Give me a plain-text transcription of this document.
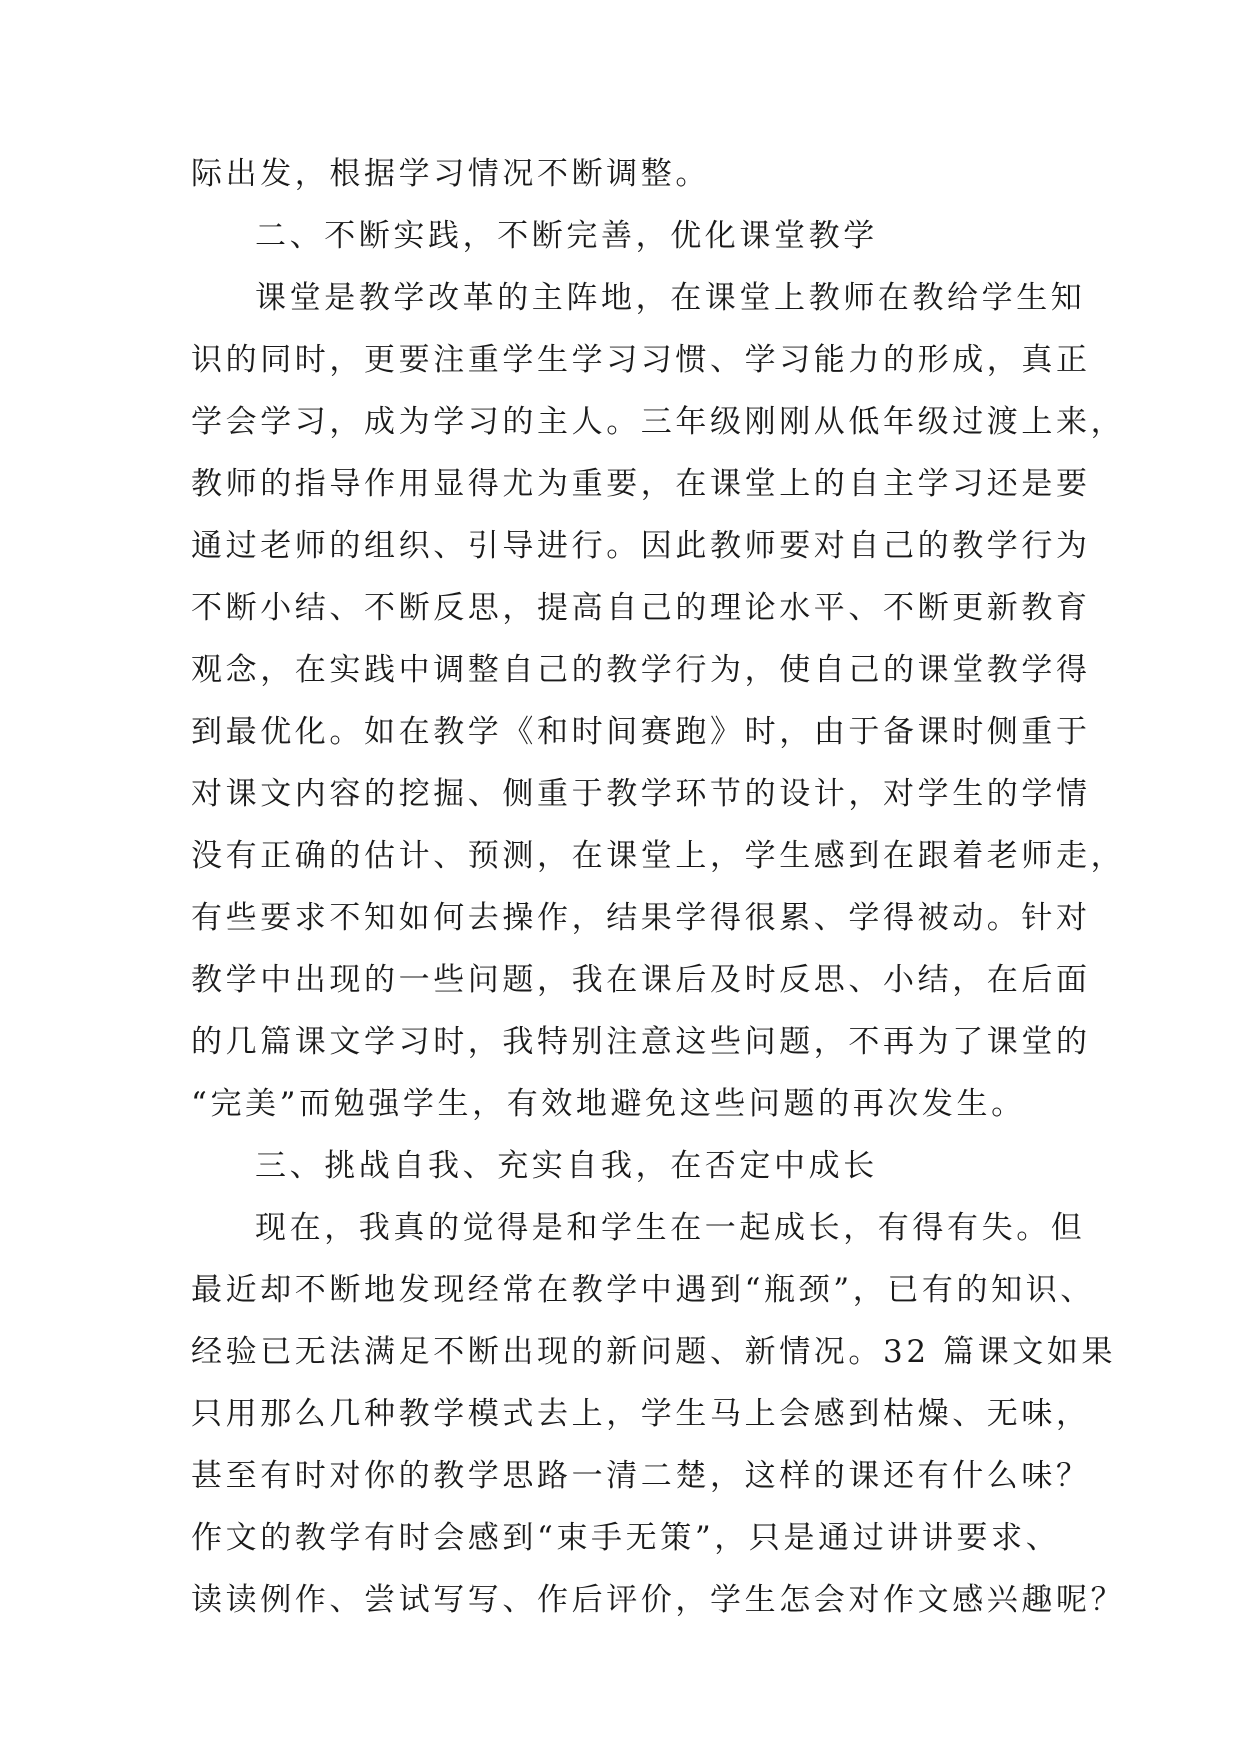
际出发，根据学习情况不断调整。
二、不断实践，不断完善，优化课堂教学
课堂是教学改革的主阵地，在课堂上教师在教给学生知
识的同时，更要注重学生学习习惯、学习能力的形成，真正
学会学习，成为学习的主人。三年级刚刚从低年级过渡上来，
教师的指导作用显得尤为重要，在课堂上的自主学习还是要
通过老师的组织、引导进行。因此教师要对自己的教学行为
不断小结、不断反思，提高自己的理论水平、不断更新教育
观念，在实践中调整自己的教学行为，使自己的课堂教学得
到最优化。如在教学《和时间赛跑》时，由于备课时侧重于
对课文内容的挖掘、侧重于教学环节的设计，对学生的学情
没有正确的估计、预测，在课堂上，学生感到在跟着老师走，
有些要求不知如何去操作，结果学得很累、学得被动。针对
教学中出现的一些问题，我在课后及时反思、小结，在后面
的几篇课文学习时，我特别注意这些问题，不再为了课堂的
“完美”而勉强学生，有效地避免这些问题的再次发生。
三、挑战自我、充实自我，在否定中成长
现在，我真的觉得是和学生在一起成长，有得有失。但
最近却不断地发现经常在教学中遇到“瓶颈”，已有的知识、
经验已无法满足不断出现的新问题、新情况。32 篇课文如果
只用那么几种教学模式去上，学生马上会感到枯燥、无味，
甚至有时对你的教学思路一清二楚，这样的课还有什么味？
作文的教学有时会感到“束手无策”，只是通过讲讲要求、
读读例作、尝试写写、作后评价，学生怎会对作文感兴趣呢？
